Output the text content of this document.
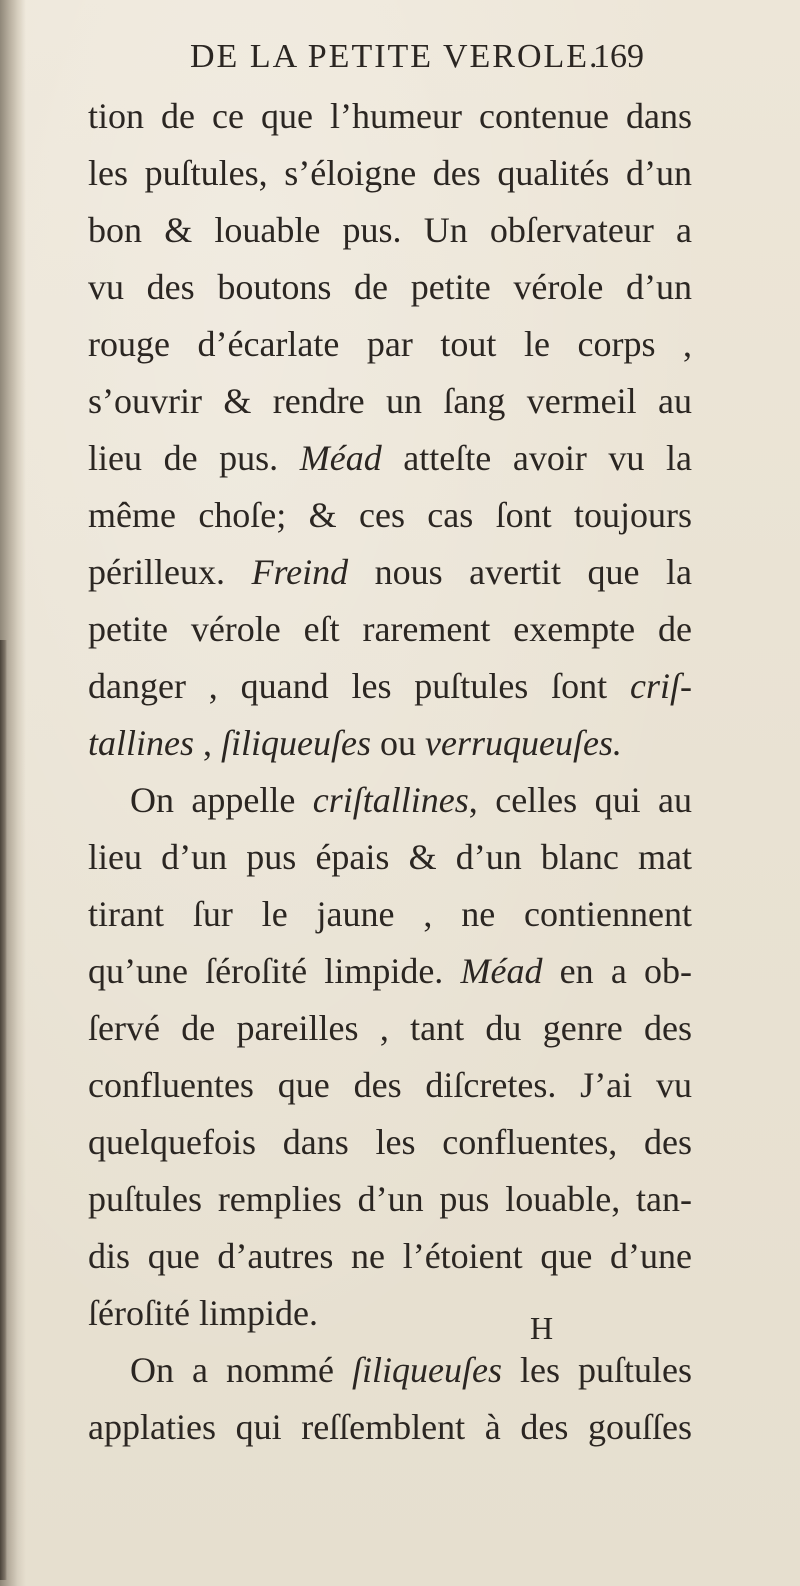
DE LA PETITE VEROLE.
169
tion de ce que l’humeur contenue dans
les puſtules, s’éloigne des qualités d’un
bon & louable pus. Un obſervateur a
vu des boutons de petite vérole d’un
rouge d’écarlate par tout le corps ,
s’ouvrir & rendre un ſang vermeil au
lieu de pus. Méad atteſte avoir vu la
même choſe; & ces cas ſont toujours
périlleux. Freind nous avertit que la
petite vérole eſt rarement exempte de
danger , quand les puſtules ſont criſ-
tallines , ſiliqueuſes ou verruqueuſes.
On appelle criſtallines, celles qui au
lieu d’un pus épais & d’un blanc mat
tirant ſur le jaune , ne contiennent
qu’une ſéroſité limpide. Méad en a ob-
ſervé de pareilles , tant du genre des
confluentes que des diſcretes. J’ai vu
quelquefois dans les confluentes, des
puſtules remplies d’un pus louable, tan-
dis que d’autres ne l’étoient que d’une
ſéroſité limpide.
On a nommé ſiliqueuſes les puſtules
applaties qui reſſemblent à des gouſſes
H
